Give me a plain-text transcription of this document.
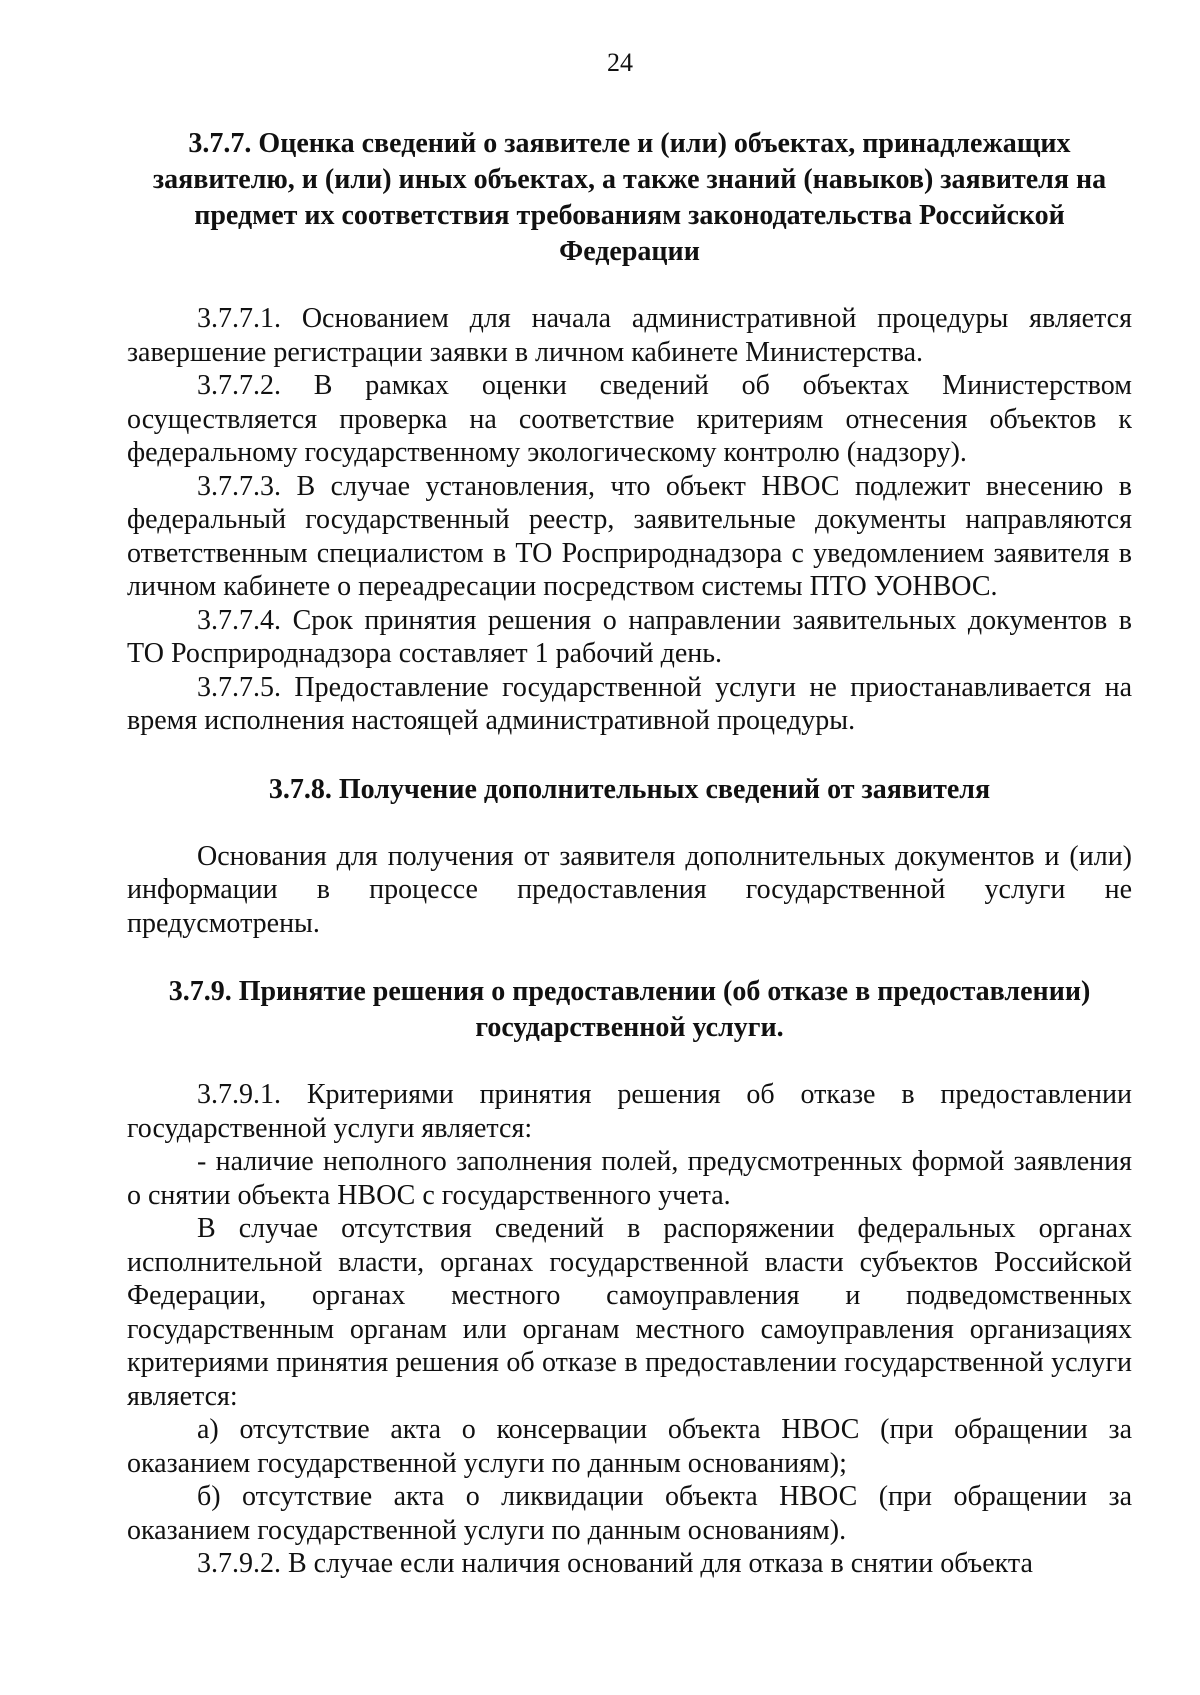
24

3.7.7. Оценка сведений о заявителе и (или) объектах, принадлежащих заявителю, и (или) иных объектах, а также знаний (навыков) заявителя на предмет их соответствия требованиям законодательства Российской Федерации

3.7.7.1. Основанием для начала административной процедуры является завершение регистрации заявки в личном кабинете Министерства.

3.7.7.2. В рамках оценки сведений об объектах Министерством осуществляется проверка на соответствие критериям отнесения объектов к федеральному государственному экологическому контролю (надзору).

3.7.7.3. В случае установления, что объект НВОС подлежит внесению в федеральный государственный реестр, заявительные документы направляются ответственным специалистом в ТО Росприроднадзора с уведомлением заявителя в личном кабинете о переадресации посредством системы ПТО УОНВОС.

3.7.7.4. Срок принятия решения о направлении заявительных документов в ТО Росприроднадзора составляет 1 рабочий день.

3.7.7.5. Предоставление государственной услуги не приостанавливается на время исполнения настоящей административной процедуры.

3.7.8. Получение дополнительных сведений от заявителя

Основания для получения от заявителя дополнительных документов и (или) информации в процессе предоставления государственной услуги не предусмотрены.

3.7.9. Принятие решения о предоставлении (об отказе в предоставлении) государственной услуги.

3.7.9.1. Критериями принятия решения об отказе в предоставлении государственной услуги является:

- наличие неполного заполнения полей, предусмотренных формой заявления о снятии объекта НВОС с государственного учета.

В случае отсутствия сведений в распоряжении федеральных органах исполнительной власти, органах государственной власти субъектов Российской Федерации, органах местного самоуправления и подведомственных государственным органам или органам местного самоуправления организациях критериями принятия решения об отказе в предоставлении государственной услуги является:

а) отсутствие акта о консервации объекта НВОС (при обращении за оказанием государственной услуги по данным основаниям);

б) отсутствие акта о ликвидации объекта НВОС (при обращении за оказанием государственной услуги по данным основаниям).

3.7.9.2. В случае если наличия оснований для отказа в снятии объекта
